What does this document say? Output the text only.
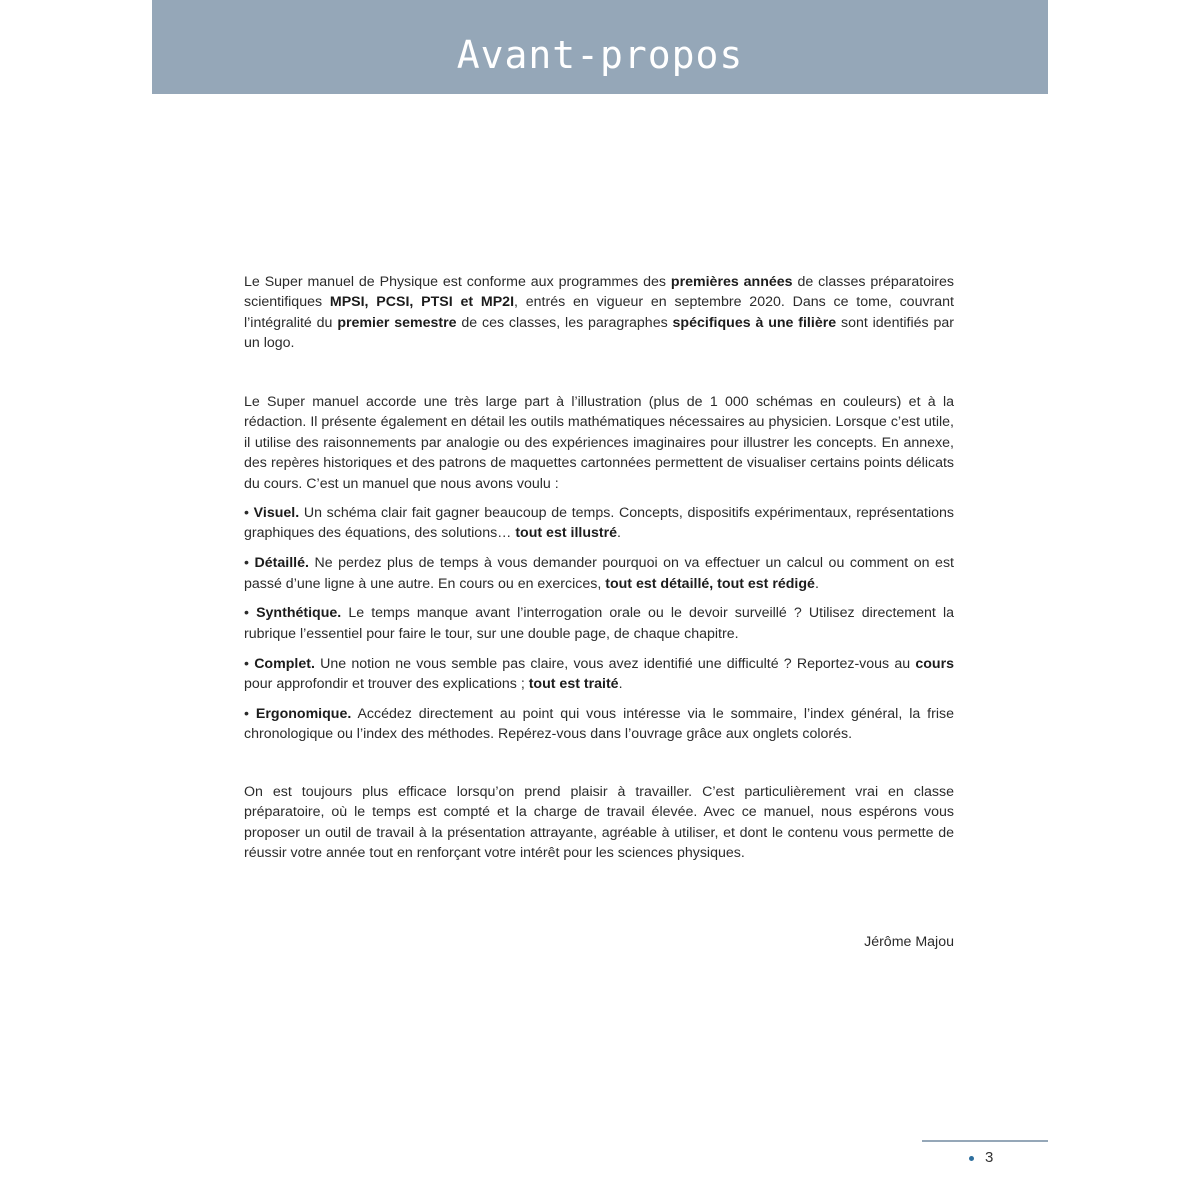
Avant-propos
Le Super manuel de Physique est conforme aux programmes des premières années de classes préparatoires scientifiques MPSI, PCSI, PTSI et MP2I, entrés en vigueur en septembre 2020. Dans ce tome, couvrant l’intégralité du premier semestre de ces classes, les paragraphes spécifiques à une filière sont identifiés par un logo.
Le Super manuel accorde une très large part à l’illustration (plus de 1 000 schémas en couleurs) et à la rédaction. Il présente également en détail les outils mathématiques nécessaires au physicien. Lorsque c’est utile, il utilise des raisonnements par analogie ou des expériences imaginaires pour illustrer les concepts. En annexe, des repères historiques et des patrons de maquettes cartonnées permettent de visualiser certains points délicats du cours. C’est un manuel que nous avons voulu :
• Visuel. Un schéma clair fait gagner beaucoup de temps. Concepts, dispositifs expérimentaux, représentations graphiques des équations, des solutions… tout est illustré.
• Détaillé. Ne perdez plus de temps à vous demander pourquoi on va effectuer un calcul ou comment on est passé d’une ligne à une autre. En cours ou en exercices, tout est détaillé, tout est rédigé.
• Synthétique. Le temps manque avant l’interrogation orale ou le devoir surveillé ? Utilisez directement la rubrique l’essentiel pour faire le tour, sur une double page, de chaque chapitre.
• Complet. Une notion ne vous semble pas claire, vous avez identifié une difficulté ? Reportez-vous au cours pour approfondir et trouver des explications ; tout est traité.
• Ergonomique. Accédez directement au point qui vous intéresse via le sommaire, l’index général, la frise chronologique ou l’index des méthodes. Repérez-vous dans l’ouvrage grâce aux onglets colorés.
On est toujours plus efficace lorsqu’on prend plaisir à travailler. C’est particulièrement vrai en classe préparatoire, où le temps est compté et la charge de travail élevée. Avec ce manuel, nous espérons vous proposer un outil de travail à la présentation attrayante, agréable à utiliser, et dont le contenu vous permette de réussir votre année tout en renforçant votre intérêt pour les sciences physiques.
Jérôme Majou
3
